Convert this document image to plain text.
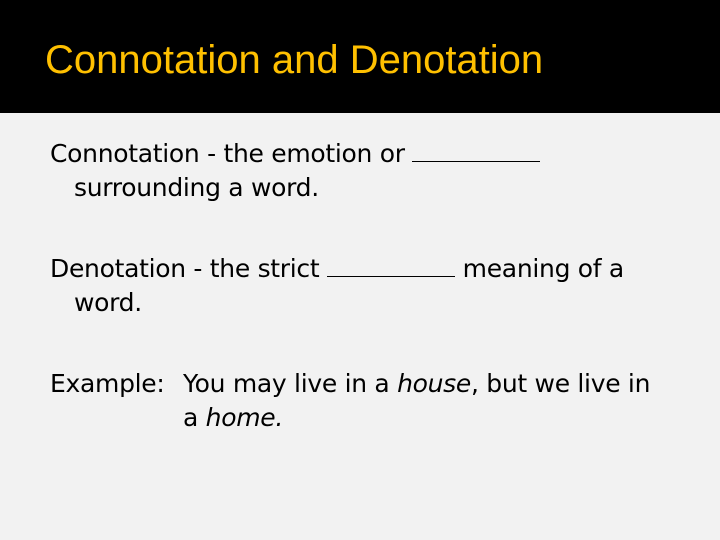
Connotation and Denotation
Connotation - the emotion or
surrounding a word.
Denotation - the strict	meaning of a
word.
Example: You may live in a house, but we live in
a home.
